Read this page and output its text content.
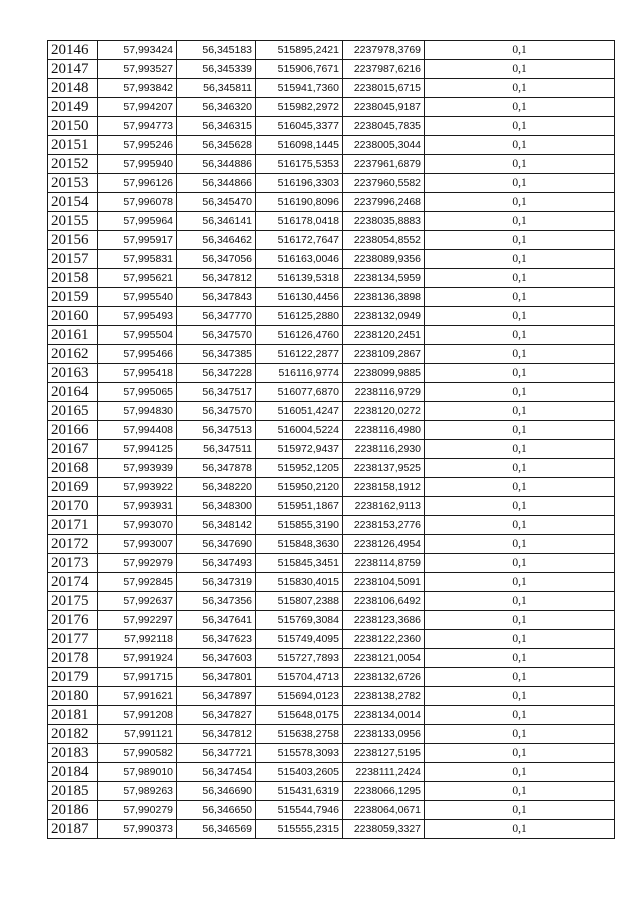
20146	57,993424	56,345183	515895,2421	2237978,3769	0,1
20147	57,993527	56,345339	515906,7671	2237987,6216	0,1
20148	57,993842	56,345811	515941,7360	2238015,6715	0,1
20149	57,994207	56,346320	515982,2972	2238045,9187	0,1
20150	57,994773	56,346315	516045,3377	2238045,7835	0,1
20151	57,995246	56,345628	516098,1445	2238005,3044	0,1
20152	57,995940	56,344886	516175,5353	2237961,6879	0,1
20153	57,996126	56,344866	516196,3303	2237960,5582	0,1
20154	57,996078	56,345470	516190,8096	2237996,2468	0,1
20155	57,995964	56,346141	516178,0418	2238035,8883	0,1
20156	57,995917	56,346462	516172,7647	2238054,8552	0,1
20157	57,995831	56,347056	516163,0046	2238089,9356	0,1
20158	57,995621	56,347812	516139,5318	2238134,5959	0,1
20159	57,995540	56,347843	516130,4456	2238136,3898	0,1
20160	57,995493	56,347770	516125,2880	2238132,0949	0,1
20161	57,995504	56,347570	516126,4760	2238120,2451	0,1
20162	57,995466	56,347385	516122,2877	2238109,2867	0,1
20163	57,995418	56,347228	516116,9774	2238099,9885	0,1
20164	57,995065	56,347517	516077,6870	2238116,9729	0,1
20165	57,994830	56,347570	516051,4247	2238120,0272	0,1
20166	57,994408	56,347513	516004,5224	2238116,4980	0,1
20167	57,994125	56,347511	515972,9437	2238116,2930	0,1
20168	57,993939	56,347878	515952,1205	2238137,9525	0,1
20169	57,993922	56,348220	515950,2120	2238158,1912	0,1
20170	57,993931	56,348300	515951,1867	2238162,9113	0,1
20171	57,993070	56,348142	515855,3190	2238153,2776	0,1
20172	57,993007	56,347690	515848,3630	2238126,4954	0,1
20173	57,992979	56,347493	515845,3451	2238114,8759	0,1
20174	57,992845	56,347319	515830,4015	2238104,5091	0,1
20175	57,992637	56,347356	515807,2388	2238106,6492	0,1
20176	57,992297	56,347641	515769,3084	2238123,3686	0,1
20177	57,992118	56,347623	515749,4095	2238122,2360	0,1
20178	57,991924	56,347603	515727,7893	2238121,0054	0,1
20179	57,991715	56,347801	515704,4713	2238132,6726	0,1
20180	57,991621	56,347897	515694,0123	2238138,2782	0,1
20181	57,991208	56,347827	515648,0175	2238134,0014	0,1
20182	57,991121	56,347812	515638,2758	2238133,0956	0,1
20183	57,990582	56,347721	515578,3093	2238127,5195	0,1
20184	57,989010	56,347454	515403,2605	2238111,2424	0,1
20185	57,989263	56,346690	515431,6319	2238066,1295	0,1
20186	57,990279	56,346650	515544,7946	2238064,0671	0,1
20187	57,990373	56,346569	515555,2315	2238059,3327	0,1
